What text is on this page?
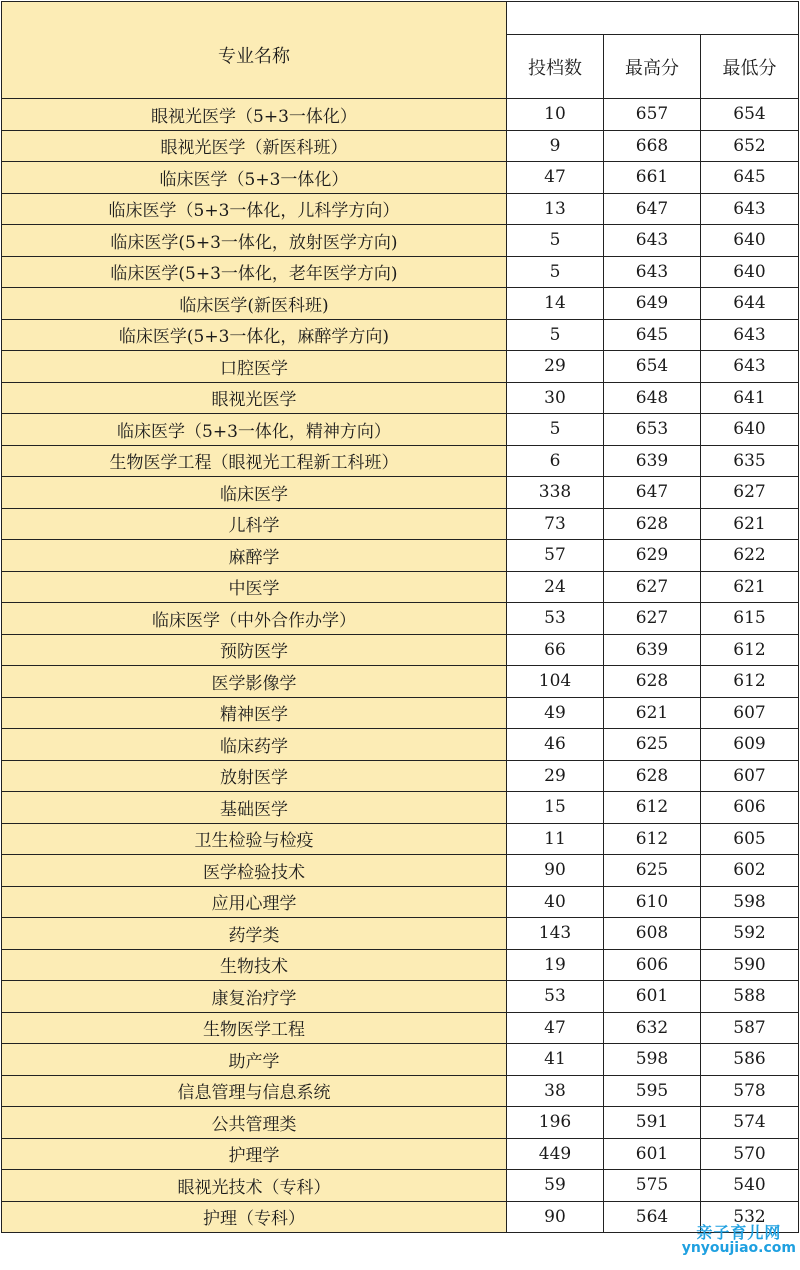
专业名称			
	投档数	最高分	最低分
眼视光医学（5+3一体化）	10	657	654
眼视光医学（新医科班）	9	668	652
临床医学（5+3一体化）	47	661	645
临床医学（5+3一体化，儿科学方向）	13	647	643
临床医学(5+3一体化，放射医学方向)	5	643	640
临床医学(5+3一体化，老年医学方向)	5	643	640
临床医学(新医科班)	14	649	644
临床医学(5+3一体化，麻醉学方向)	5	645	643
口腔医学	29	654	643
眼视光医学	30	648	641
临床医学（5+3一体化，精神方向）	5	653	640
生物医学工程（眼视光工程新工科班）	6	639	635
临床医学	338	647	627
儿科学	73	628	621
麻醉学	57	629	622
中医学	24	627	621
临床医学（中外合作办学）	53	627	615
预防医学	66	639	612
医学影像学	104	628	612
精神医学	49	621	607
临床药学	46	625	609
放射医学	29	628	607
基础医学	15	612	606
卫生检验与检疫	11	612	605
医学检验技术	90	625	602
应用心理学	40	610	598
药学类	143	608	592
生物技术	19	606	590
康复治疗学	53	601	588
生物医学工程	47	632	587
助产学	41	598	586
信息管理与信息系统	38	595	578
公共管理类	196	591	574
护理学	449	601	570
眼视光技术（专科）	59	575	540
护理（专科）	90	564	532
亲子育儿网
ynyoujiao.com
